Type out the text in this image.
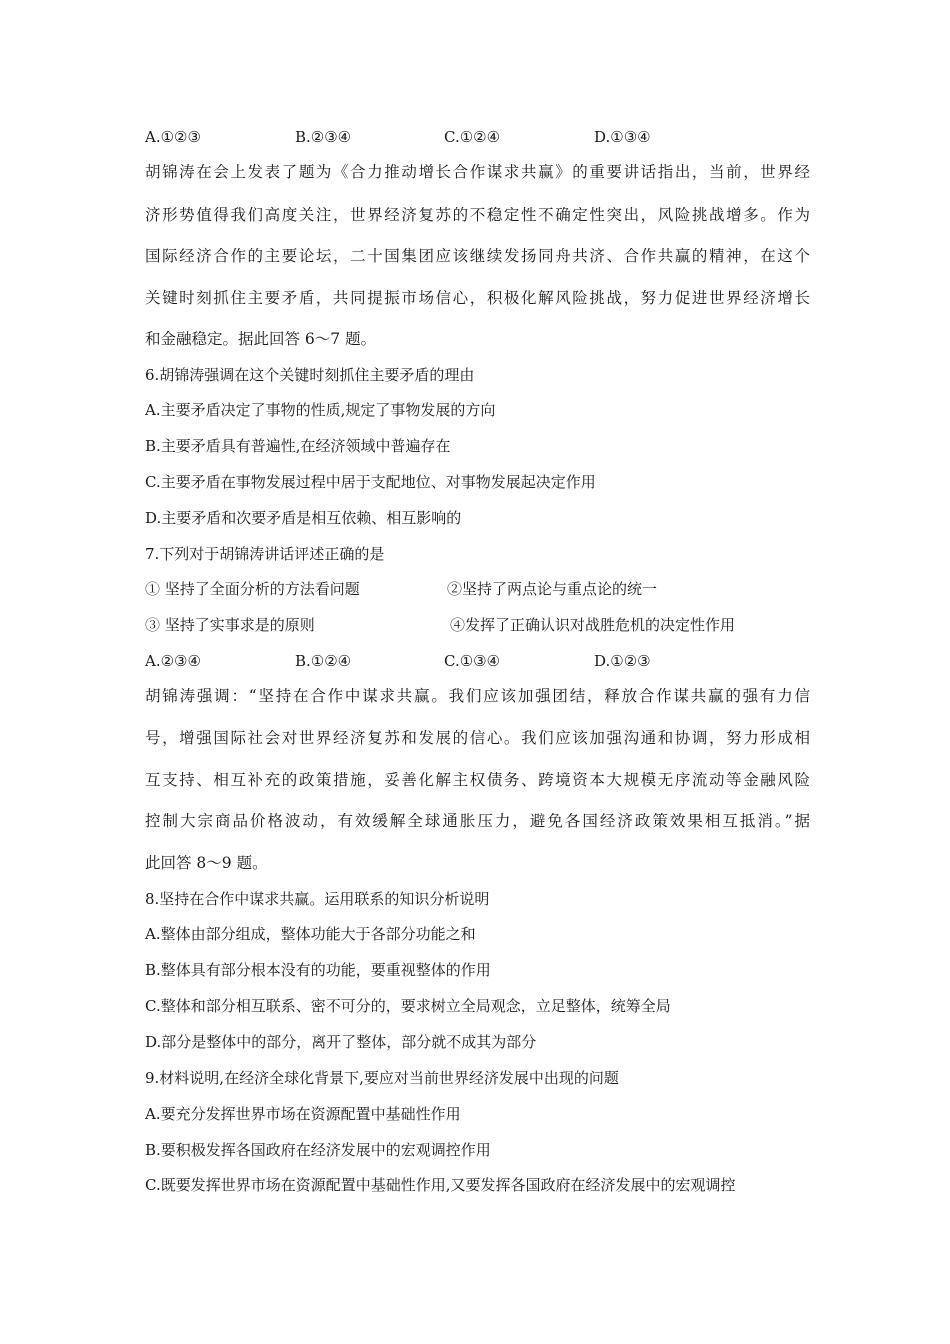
A.①②③	B.②③④	C.①②④	D.①③④
胡锦涛在会上发表了题为《合力推动增长合作谋求共赢》的重要讲话指出，当前，世界经
济形势值得我们高度关注，世界经济复苏的不稳定性不确定性突出，风险挑战增多。作为
国际经济合作的主要论坛，二十国集团应该继续发扬同舟共济、合作共赢的精神，在这个
关键时刻抓住主要矛盾，共同提振市场信心，积极化解风险挑战，努力促进世界经济增长
和金融稳定。据此回答 6～7 题。
6.胡锦涛强调在这个关键时刻抓住主要矛盾的理由
A.主要矛盾决定了事物的性质,规定了事物发展的方向
B.主要矛盾具有普遍性,在经济领域中普遍存在
C.主要矛盾在事物发展过程中居于支配地位、对事物发展起决定作用
D.主要矛盾和次要矛盾是相互依赖、相互影响的
7.下列对于胡锦涛讲话评述正确的是
① 坚持了全面分析的方法看问题	②坚持了两点论与重点论的统一
③ 坚持了实事求是的原则	④发挥了正确认识对战胜危机的决定性作用
A.②③④	B.①②④	C.①③④	D.①②③
胡锦涛强调：“坚持在合作中谋求共赢。我们应该加强团结，释放合作谋共赢的强有力信
号，增强国际社会对世界经济复苏和发展的信心。我们应该加强沟通和协调，努力形成相
互支持、相互补充的政策措施，妥善化解主权债务、跨境资本大规模无序流动等金融风险
控制大宗商品价格波动，有效缓解全球通胀压力，避免各国经济政策效果相互抵消。”据
此回答 8～9 题。
8.坚持在合作中谋求共赢。运用联系的知识分析说明
A.整体由部分组成，整体功能大于各部分功能之和
B.整体具有部分根本没有的功能，要重视整体的作用
C.整体和部分相互联系、密不可分的，要求树立全局观念，立足整体，统筹全局
D.部分是整体中的部分，离开了整体，部分就不成其为部分
9.材料说明,在经济全球化背景下,要应对当前世界经济发展中出现的问题
A.要充分发挥世界市场在资源配置中基础性作用
B.要积极发挥各国政府在经济发展中的宏观调控作用
C.既要发挥世界市场在资源配置中基础性作用,又要发挥各国政府在经济发展中的宏观调控
